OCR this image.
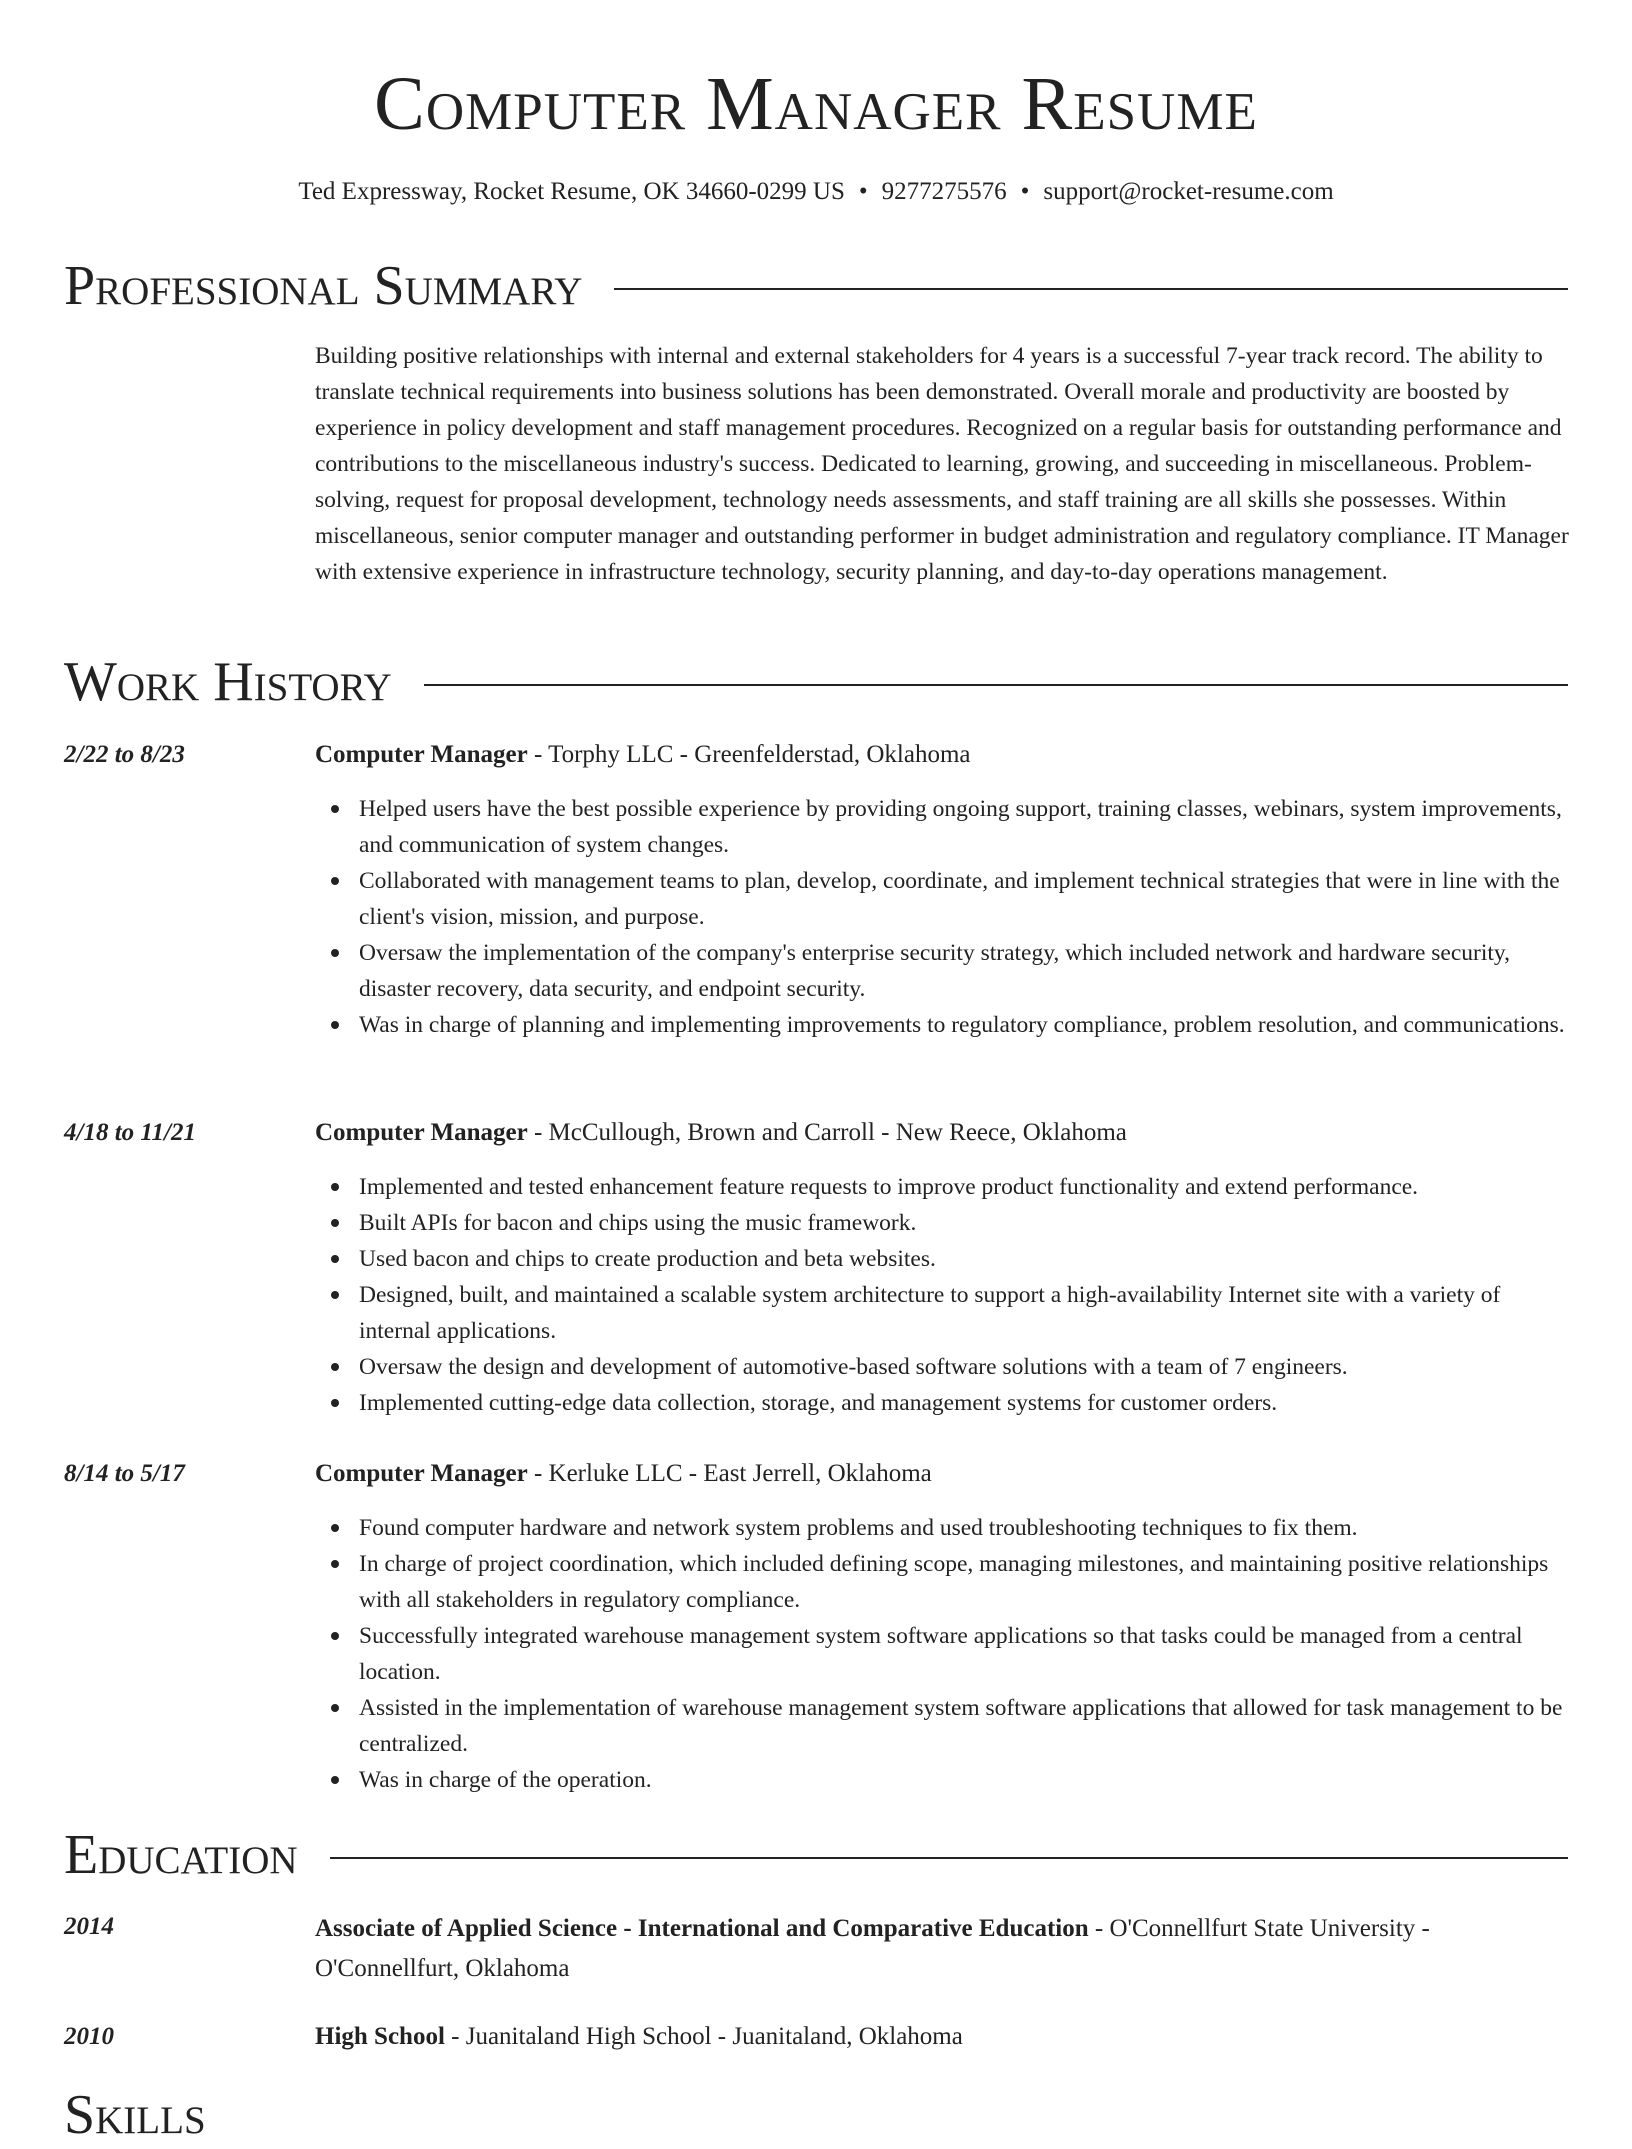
Computer Manager Resume
Ted Expressway, Rocket Resume, OK 34660-0299 US • 9277275576 • support@rocket-resume.com
Professional Summary
Building positive relationships with internal and external stakeholders for 4 years is a successful 7-year track record. The ability to translate technical requirements into business solutions has been demonstrated. Overall morale and productivity are boosted by experience in policy development and staff management procedures. Recognized on a regular basis for outstanding performance and contributions to the miscellaneous industry's success. Dedicated to learning, growing, and succeeding in miscellaneous. Problem-solving, request for proposal development, technology needs assessments, and staff training are all skills she possesses. Within miscellaneous, senior computer manager and outstanding performer in budget administration and regulatory compliance. IT Manager with extensive experience in infrastructure technology, security planning, and day-to-day operations management.
Work History
2/22 to 8/23	Computer Manager - Torphy LLC - Greenfelderstad, Oklahoma
Helped users have the best possible experience by providing ongoing support, training classes, webinars, system improvements, and communication of system changes.
Collaborated with management teams to plan, develop, coordinate, and implement technical strategies that were in line with the client's vision, mission, and purpose.
Oversaw the implementation of the company's enterprise security strategy, which included network and hardware security, disaster recovery, data security, and endpoint security.
Was in charge of planning and implementing improvements to regulatory compliance, problem resolution, and communications.
4/18 to 11/21	Computer Manager - McCullough, Brown and Carroll - New Reece, Oklahoma
Implemented and tested enhancement feature requests to improve product functionality and extend performance.
Built APIs for bacon and chips using the music framework.
Used bacon and chips to create production and beta websites.
Designed, built, and maintained a scalable system architecture to support a high-availability Internet site with a variety of internal applications.
Oversaw the design and development of automotive-based software solutions with a team of 7 engineers.
Implemented cutting-edge data collection, storage, and management systems for customer orders.
8/14 to 5/17	Computer Manager - Kerluke LLC - East Jerrell, Oklahoma
Found computer hardware and network system problems and used troubleshooting techniques to fix them.
In charge of project coordination, which included defining scope, managing milestones, and maintaining positive relationships with all stakeholders in regulatory compliance.
Successfully integrated warehouse management system software applications so that tasks could be managed from a central location.
Assisted in the implementation of warehouse management system software applications that allowed for task management to be centralized.
Was in charge of the operation.
Education
2014	Associate of Applied Science - International and Comparative Education - O'Connellfurt State University - O'Connellfurt, Oklahoma
2010	High School - Juanitaland High School - Juanitaland, Oklahoma
Skills
